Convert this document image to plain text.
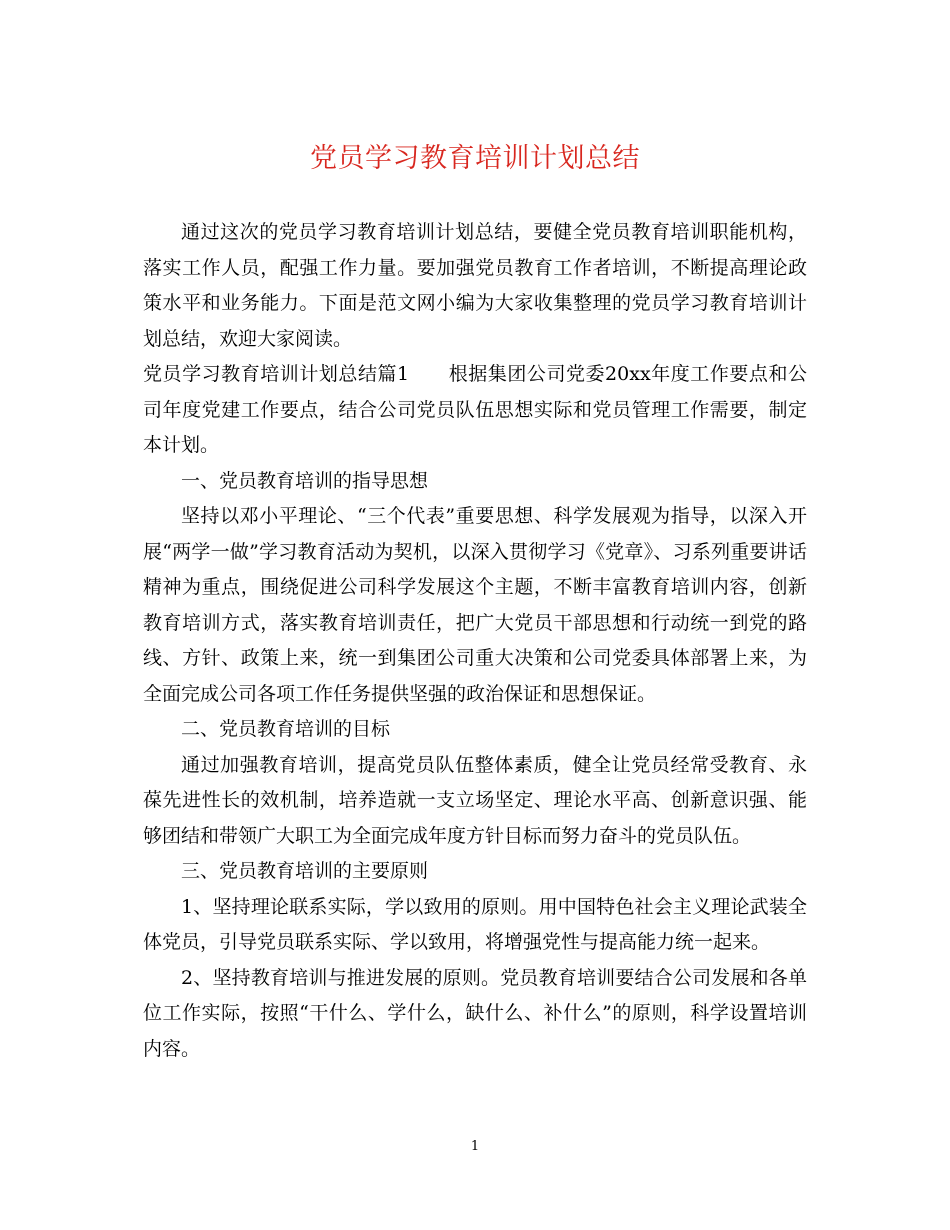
党员学习教育培训计划总结

通过这次的党员学习教育培训计划总结，要健全党员教育培训职能机构，落实工作人员，配强工作力量。要加强党员教育工作者培训，不断提高理论政策水平和业务能力。下面是范文网小编为大家收集整理的党员学习教育培训计划总结，欢迎大家阅读。

党员学习教育培训计划总结篇1　　根据集团公司党委20xx年度工作要点和公司年度党建工作要点，结合公司党员队伍思想实际和党员管理工作需要，制定本计划。

一、党员教育培训的指导思想

坚持以邓小平理论、“三个代表”重要思想、科学发展观为指导，以深入开展“两学一做”学习教育活动为契机，以深入贯彻学习《党章》、习系列重要讲话精神为重点，围绕促进公司科学发展这个主题，不断丰富教育培训内容，创新教育培训方式，落实教育培训责任，把广大党员干部思想和行动统一到党的路线、方针、政策上来，统一到集团公司重大决策和公司党委具体部署上来，为全面完成公司各项工作任务提供坚强的政治保证和思想保证。

二、党员教育培训的目标

通过加强教育培训，提高党员队伍整体素质，健全让党员经常受教育、永葆先进性长的效机制，培养造就一支立场坚定、理论水平高、创新意识强、能够团结和带领广大职工为全面完成年度方针目标而努力奋斗的党员队伍。

三、党员教育培训的主要原则

1、坚持理论联系实际，学以致用的原则。用中国特色社会主义理论武装全体党员，引导党员联系实际、学以致用，将增强党性与提高能力统一起来。

2、坚持教育培训与推进发展的原则。党员教育培训要结合公司发展和各单位工作实际，按照“干什么、学什么，缺什么、补什么”的原则，科学设置培训内容。

1
